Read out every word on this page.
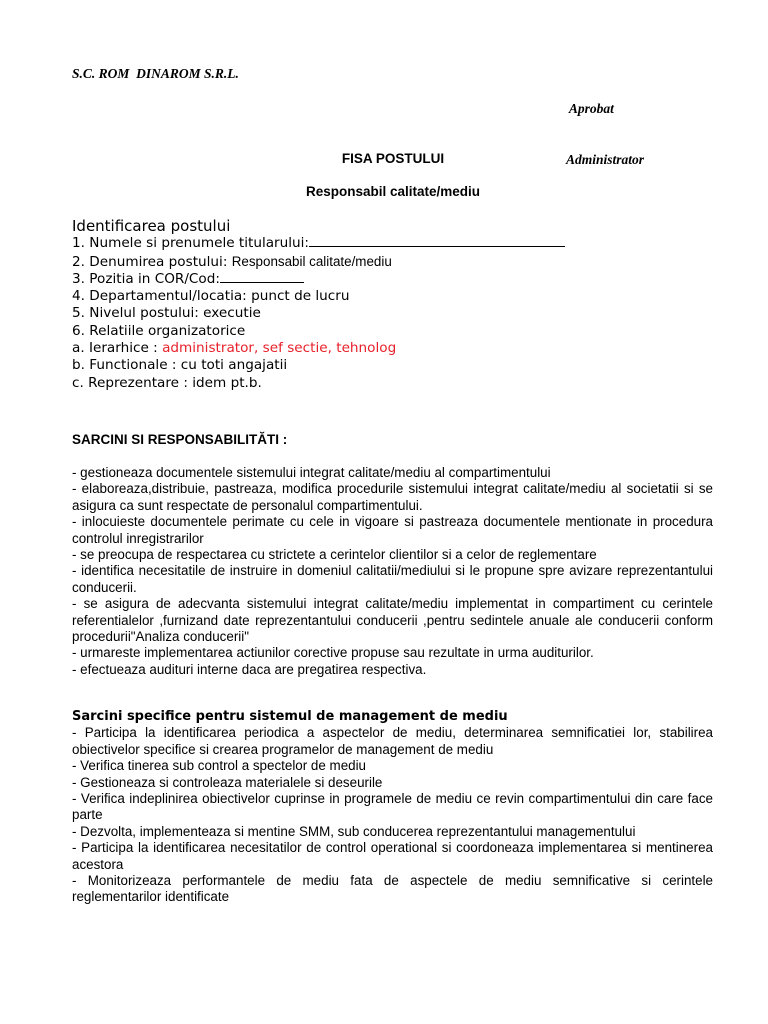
S.C. ROM  DINAROM S.R.L.

Aprobat

Administrator

FISA POSTULUI
Responsabil calitate/mediu
Identificarea postului
1. Numele si prenumele titularului:
2. Denumirea postului: Responsabil calitate/mediu
3. Pozitia in COR/Cod:
4. Departamentul/locatia: punct de lucru
5. Nivelul postului: executie
6. Relatiile organizatorice
a. Ierarhice : administrator, sef sectie, tehnolog
b. Functionale : cu toti angajatii
c. Reprezentare : idem pt.b.
SARCINI SI RESPONSABILITĂTI :

- gestioneaza documentele sistemului integrat calitate/mediu al compartimentului

- elaboreaza,distribuie, pastreaza, modifica procedurile sistemului integrat calitate/mediu al societatii si se asigura ca sunt respectate de personalul compartimentului.

- inlocuieste documentele perimate cu cele in vigoare si pastreaza documentele mentionate in procedura controlul inregistrarilor

- se preocupa de respectarea cu strictete a cerintelor clientilor si a celor de reglementare

- identifica necesitatile de instruire in domeniul calitatii/mediului si le propune spre avizare reprezentantului conducerii.

- se asigura de adecvanta sistemului integrat calitate/mediu implementat in compartiment cu cerintele referentialelor ,furnizand date reprezentantului conducerii ,pentru sedintele anuale ale conducerii conform procedurii"Analiza conducerii"

- urmareste implementarea actiunilor corective propuse sau rezultate in urma auditurilor.

- efectueaza audituri interne daca are pregatirea respectiva.

Sarcini specifice pentru sistemul de management de mediu

- Participa la identificarea periodica a aspectelor de mediu, determinarea semnificatiei lor, stabilirea obiectivelor specifice si crearea programelor de management de mediu

- Verifica tinerea sub control a spectelor de mediu

- Gestioneaza si controleaza materialele si deseurile

- Verifica indeplinirea obiectivelor cuprinse in programele de mediu ce revin compartimentului din care face parte

- Dezvolta, implementeaza si mentine SMM, sub conducerea reprezentantului managementului

- Participa la identificarea necesitatilor de control operational si coordoneaza implementarea si mentinerea acestora

- Monitorizeaza performantele de mediu fata de aspectele de mediu semnificative si cerintele reglementarilor identificate
